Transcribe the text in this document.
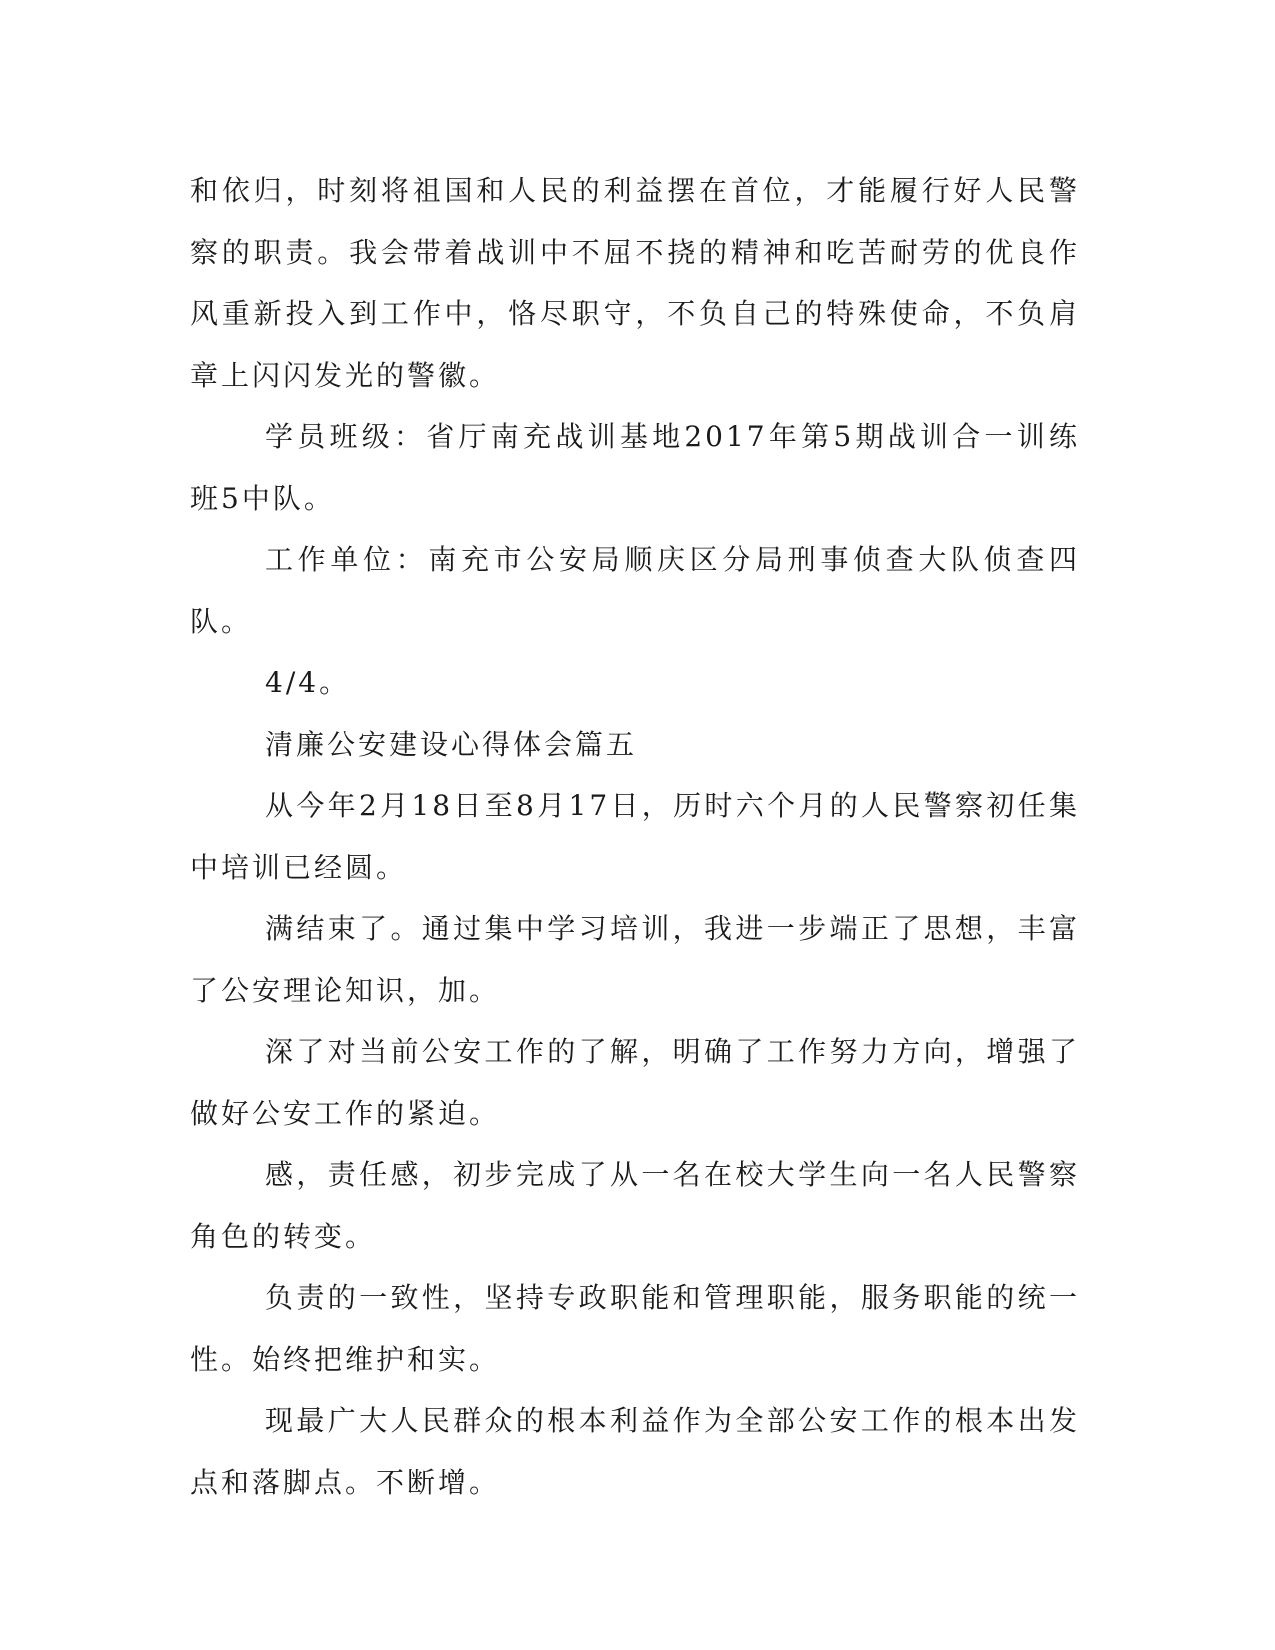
和依归，时刻将祖国和人民的利益摆在首位，才能履行好人民警察的职责。我会带着战训中不屈不挠的精神和吃苦耐劳的优良作风重新投入到工作中，恪尽职守，不负自己的特殊使命，不负肩章上闪闪发光的警徽。

学员班级：省厅南充战训基地2017年第5期战训合一训练班5中队。

工作单位：南充市公安局顺庆区分局刑事侦查大队侦查四队。

4/4。

清廉公安建设心得体会篇五

从今年2月18日至8月17日，历时六个月的人民警察初任集中培训已经圆。

满结束了。通过集中学习培训，我进一步端正了思想，丰富了公安理论知识，加。

深了对当前公安工作的了解，明确了工作努力方向，增强了做好公安工作的紧迫。

感，责任感，初步完成了从一名在校大学生向一名人民警察角色的转变。

负责的一致性，坚持专政职能和管理职能，服务职能的统一性。始终把维护和实。

现最广大人民群众的根本利益作为全部公安工作的根本出发点和落脚点。不断增。
